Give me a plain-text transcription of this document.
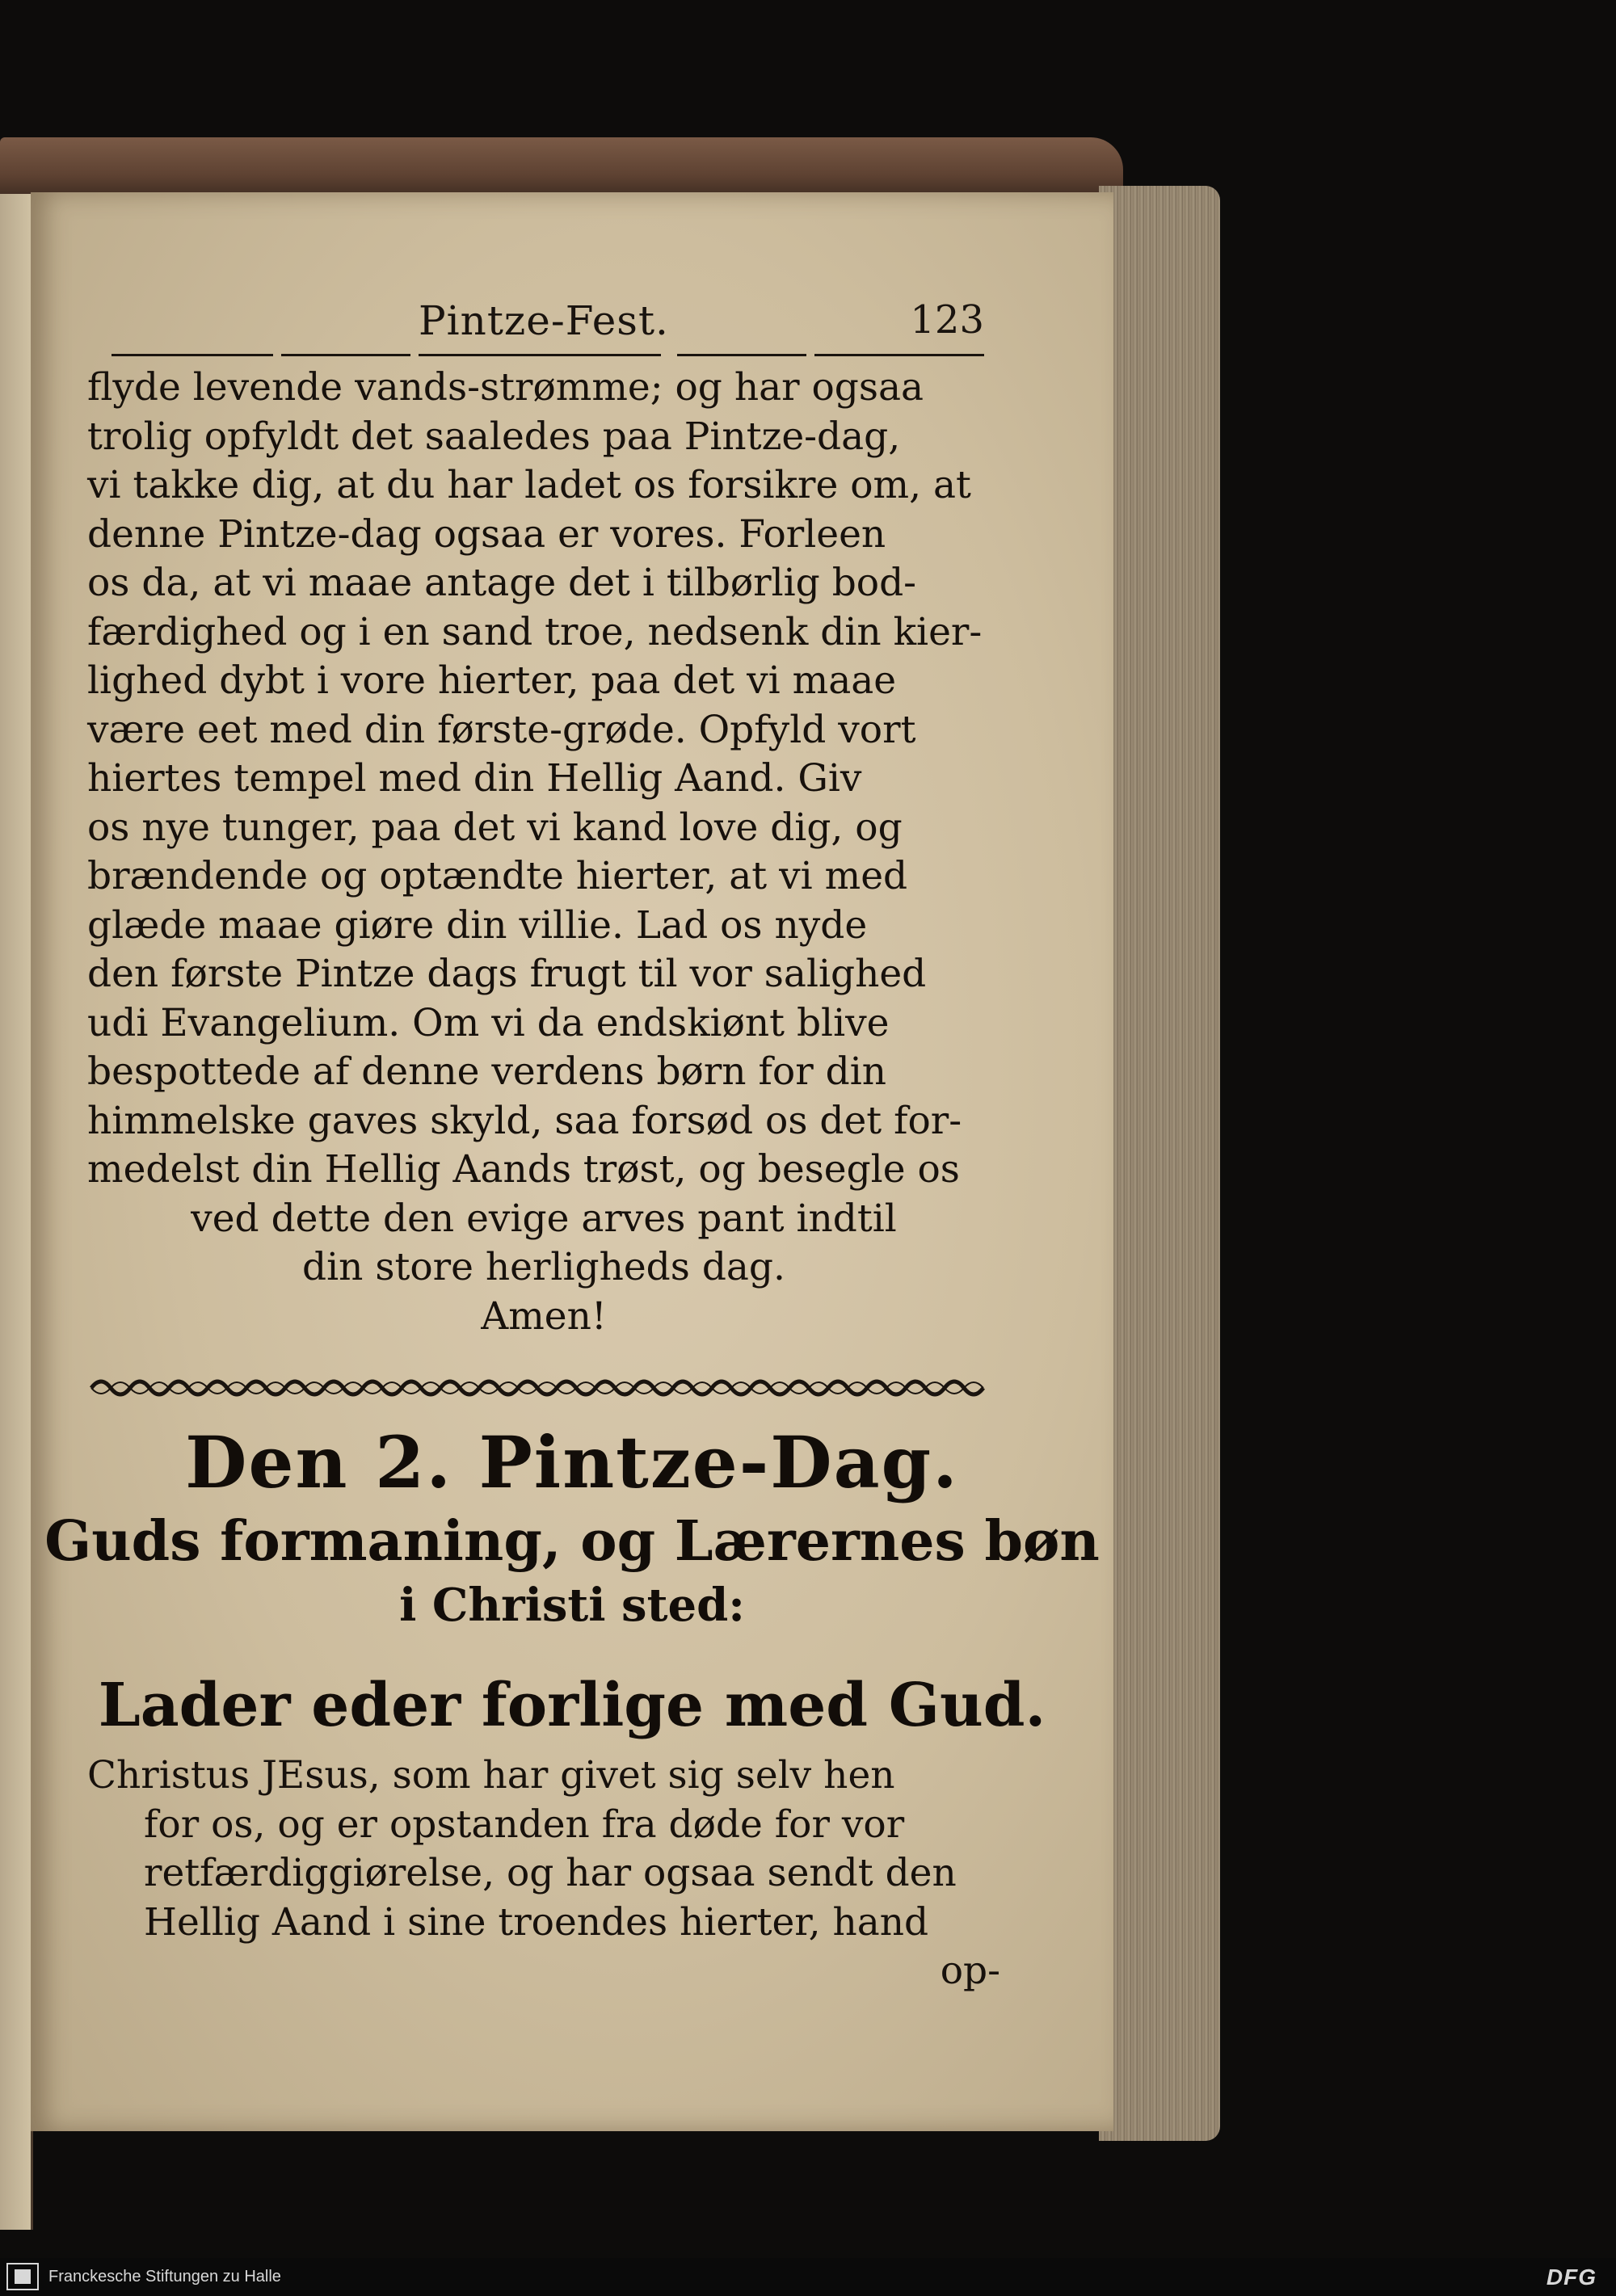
Pintze-Fest.	123
flyde levende vands-strømme; og har ogsaa
trolig opfyldt det saaledes paa Pintze-dag,
vi takke dig, at du har ladet os forsikre om, at
denne Pintze-dag ogsaa er vores. Forleen
os da, at vi maae antage det i tilbørlig bod-
færdighed og i en sand troe, nedsenk din kier-
lighed dybt i vore hierter, paa det vi maae
være eet med din første-grøde. Opfyld vort
hiertes tempel med din Hellig Aand. Giv
os nye tunger, paa det vi kand love dig, og
brændende og optændte hierter, at vi med
glæde maae giøre din villie. Lad os nyde
den første Pintze dags frugt til vor salighed
udi Evangelium. Om vi da endskiønt blive
bespottede af denne verdens børn for din
himmelske gaves skyld, saa forsød os det for-
medelst din Hellig Aands trøst, og besegle os
ved dette den evige arves pant indtil
din store herligheds dag.
Amen!
Den 2. Pintze-Dag.
Guds formaning, og Lærernes bøn
i Christi sted:
Lader eder forlige med Gud.
Christus JEsus, som har givet sig selv hen
for os, og er opstanden fra døde for vor
retfærdiggiørelse, og har ogsaa sendt den
Hellig Aand i sine troendes hierter, hand
op-
Franckesche Stiftungen zu Halle	DFG
